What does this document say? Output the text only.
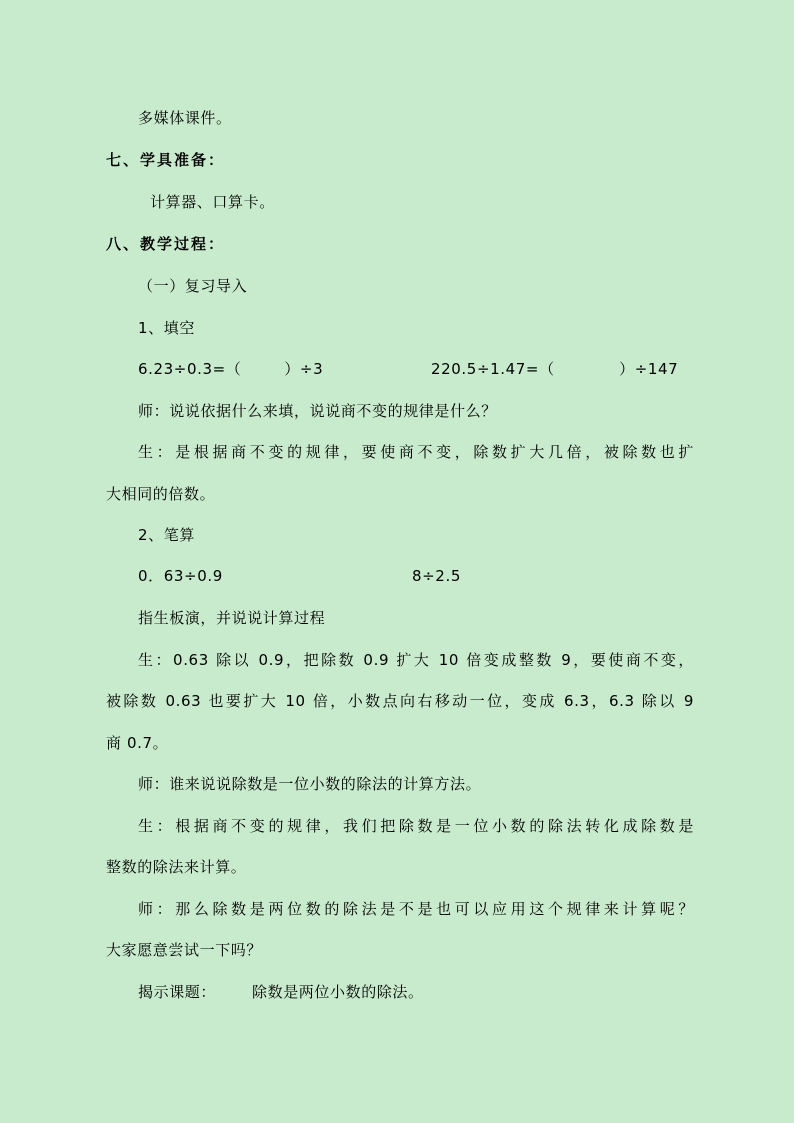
多媒体课件。
七、学具准备：
计算器、口算卡。
八、教学过程：
（一）复习导入
1、填空
6.23÷0.3=（        ）÷3	220.5÷1.47=（            ）÷147
师：说说依据什么来填，说说商不变的规律是什么？
生：是根据商不变的规律，要使商不变，除数扩大几倍，被除数也扩
大相同的倍数。
2、笔算
0．63÷0.9	8÷2.5
指生板演，并说说计算过程
生：0.63 除以 0.9，把除数 0.9 扩大 10 倍变成整数 9，要使商不变，
被除数 0.63 也要扩大 10 倍，小数点向右移动一位，变成 6.3，6.3 除以 9
商 0.7。
师：谁来说说除数是一位小数的除法的计算方法。
生：根据商不变的规律，我们把除数是一位小数的除法转化成除数是
整数的除法来计算。
师：那么除数是两位数的除法是不是也可以应用这个规律来计算呢？
大家愿意尝试一下吗？
揭示课题： 除数是两位小数的除法。
